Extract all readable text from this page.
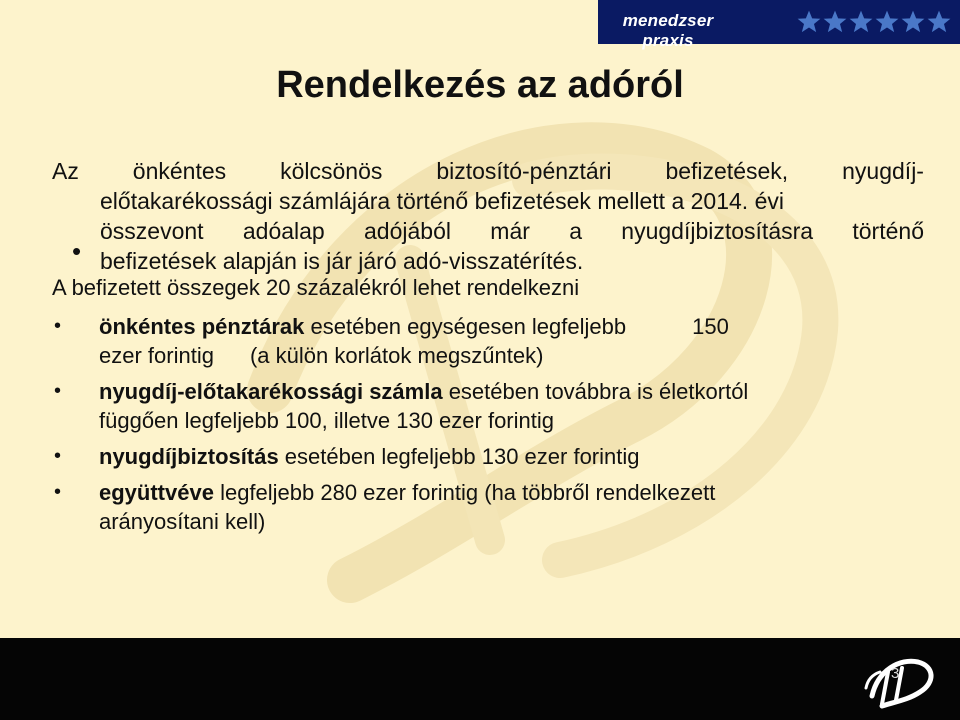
menedzser praxis
Rendelkezés az adóról
Az önkéntes kölcsönös biztosító-pénztári befizetések, nyugdíj-
előtakarékossági számlájára történő befizetések mellett a 2014. évi
összevont adóalap adójából már a nyugdíjbiztosításra történő
befizetések alapján is jár járó adó-visszatérítés.
•
A befizetett összegek 20 százalékról lehet rendelkezni
• önkéntes pénztárak esetében egységesen legfeljebb	150
ezer forintig (a külön korlátok megszűntek)
• nyugdíj-előtakarékossági számla esetében továbbra is életkortól
függően legfeljebb 100, illetve 130 ezer forintig
• nyugdíjbiztosítás esetében legfeljebb 130 ezer forintig
• együttvéve legfeljebb 280 ezer forintig (ha többről rendelkezett
arányosítani kell)
3
